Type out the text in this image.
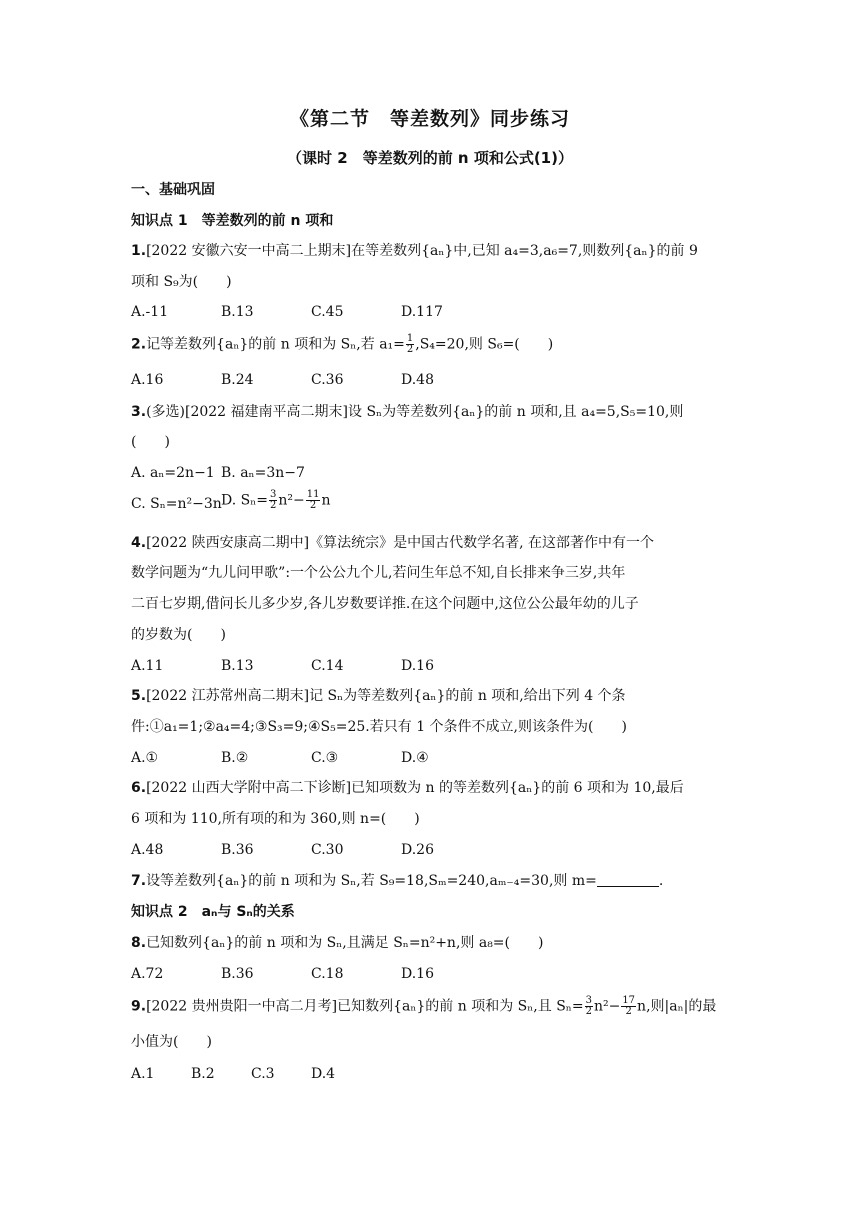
《第二节　等差数列》同步练习
（课时 2　等差数列的前 n 项和公式(1)）
一、基础巩固
知识点 1　等差数列的前 n 项和
1.[2022 安徽六安一中高二上期末]在等差数列{aₙ}中,已知 a₄=3,a₆=7,则数列{aₙ}的前 9
项和 S₉为(　　)
A.-11	B.13	C.45	D.117
2.记等差数列{aₙ}的前 n 项和为 Sₙ,若 $a_1= \frac{1}{2} ,S_4=20$,则 S₆=(　　)
A.16	B.24	C.36	D.48
3.(多选)[2022 福建南平高二期末]设 Sₙ为等差数列{aₙ}的前 n 项和,且 a₄=5,S₅=10,则
(　　)
A. aₙ=2n−1 B. aₙ=3n−7
C. Sₙ=n²−3n D. $S_n= \frac{3}{2} n^2- \frac{11}{2}$ n
4.[2022 陕西安康高二期中]《算法统宗》是中国古代数学名著, 在这部著作中有一个
数学问题为“九儿问甲歌”:一个公公九个儿,若问生年总不知,自长排来争三岁,共年
二百七岁期,借问长儿多少岁,各儿岁数要详推.在这个问题中,这位公公最年幼的儿子
的岁数为(　　)
A.11	B.13	C.14	D.16
5.[2022 江苏常州高二期末]记 Sₙ为等差数列{aₙ}的前 n 项和,给出下列 4 个条
件:①a₁=1;②a₄=4;③S₃=9;④S₅=25.若只有 1 个条件不成立,则该条件为(　　)
A.①	B.②	C.③	D.④
6.[2022 山西大学附中高二下诊断]已知项数为 n 的等差数列{aₙ}的前 6 项和为 10,最后
6 项和为 110,所有项的和为 360,则 n=(　　)
A.48	B.36	C.30	D.26
7.设等差数列{aₙ}的前 n 项和为 Sₙ,若 S₉=18,Sₘ=240,aₘ₋₄=30,则 m=	.
知识点 2　aₙ与 Sₙ的关系
8.已知数列{aₙ}的前 n 项和为 Sₙ,且满足 Sₙ=n²+n,则 a₈=(　　)
A.72	B.36	C.18	D.16
9.[2022 贵州贵阳一中高二月考]已知数列{aₙ}的前 n 项和为 Sₙ,且 $S_n= \frac{3}{2} n^2- \frac{17}{2} n$,则|aₙ|的最
小值为(　　)
A.1	B.2	C.3	D.4
